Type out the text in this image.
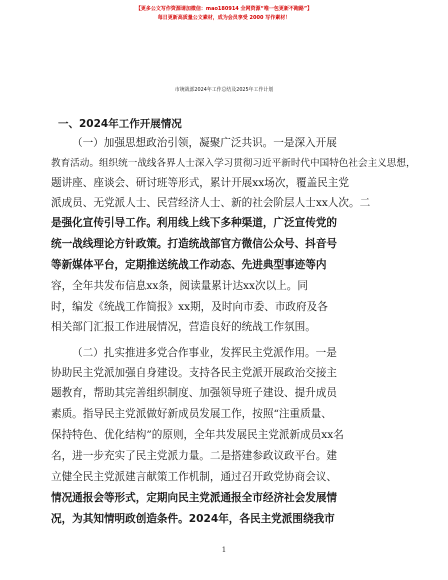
【更多公文写作资源请加微信：mao180914 全网资源“唯一包更新不跑路”】
每日更新高质量公文素材，成为会员享受 2000 写作素材！
市统战部2024年工作总结及2025年工作计划
一、2024年工作开展情况
（一）加强思想政治引领，凝聚广泛共识。一是深入开展
教育活动。组织统一战线各界人士深入学习贯彻习近平新时代中国特色社会主义思想，
题讲座、座谈会、研讨班等形式，累计开展xx场次，覆盖民主党
派成员、无党派人士、民营经济人士、新的社会阶层人士xx人次。二
是强化宣传引导工作。利用线上线下多种渠道，广泛宣传党的
统一战线理论方针政策。打造统战部官方微信公众号、抖音号
等新媒体平台，定期推送统战工作动态、先进典型事迹等内
容，全年共发布信息xx条，阅读量累计达xx次以上。同
时，编发《统战工作简报》xx期，及时向市委、市政府及各
相关部门汇报工作进展情况，营造良好的统战工作氛围。
（二）扎实推进多党合作事业，发挥民主党派作用。一是
协助民主党派加强自身建设。支持各民主党派开展政治交接主
题教育，帮助其完善组织制度、加强领导班子建设、提升成员
素质。指导民主党派做好新成员发展工作，按照“注重质量、
保持特色、优化结构”的原则，全年共发展民主党派新成员xx名
名，进一步充实了民主党派力量。二是搭建参政议政平台。建
立健全民主党派建言献策工作机制，通过召开政党协商会议、
情况通报会等形式，定期向民主党派通报全市经济社会发展情
况，为其知情明政创造条件。2024年，各民主党派围绕我市
1
